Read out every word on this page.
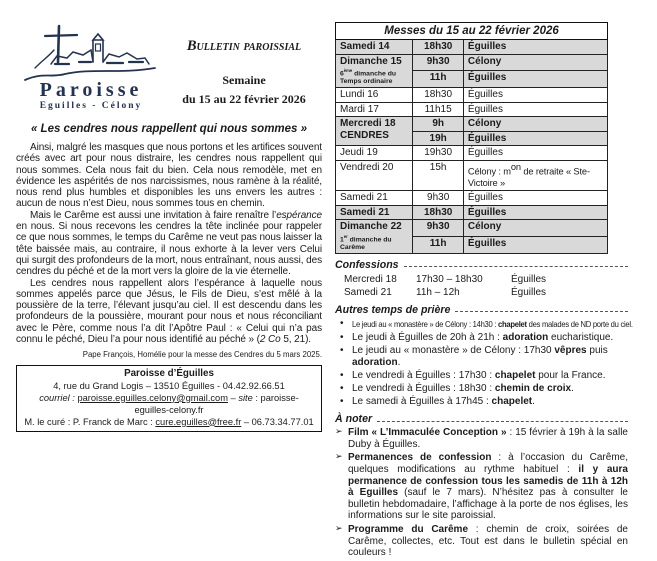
Paroisse
Eguilles - Célony
Bulletin paroissial
Semaine
du 15 au 22 février 2026
« Les cendres nous rappellent qui nous sommes »

Ainsi, malgré les masques que nous portons et les artifices souvent créés avec art pour nous distraire, les cendres nous rappellent qui nous sommes. Cela nous fait du bien. Cela nous remodèle, met en évidence les aspérités de nos narcissismes, nous ramène à la réalité, nous rend plus humbles et disponibles les uns envers les autres : aucun de nous n’est Dieu, nous sommes tous en chemin.

Mais le Carême est aussi une invitation à faire renaître l’espérance en nous. Si nous recevons les cendres la tête inclinée pour rappeler ce que nous sommes, le temps du Carême ne veut pas nous laisser la tête baissée mais, au contraire, il nous exhorte à la lever vers Celui qui surgit des profondeurs de la mort, nous entraînant, nous aussi, des cendres du péché et de la mort vers la gloire de la vie éternelle.

Les cendres nous rappellent alors l’espérance à laquelle nous sommes appelés parce que Jésus, le Fils de Dieu, s’est mêlé à la poussière de la terre, l’élevant jusqu’au ciel. Il est descendu dans les profondeurs de la poussière, mourant pour nous et nous réconciliant avec le Père, comme nous l’a dit l’Apôtre Paul : « Celui qui n’a pas connu le péché, Dieu l’a pour nous identifié au péché » (2 Co 5, 21).

Pape François, Homélie pour la messe des Cendres du 5 mars 2025.
Paroisse d’Éguilles
4, rue du Grand Logis – 13510 Éguilles - 04.42.92.66.51
courriel : paroisse.eguilles.celony@gmail.com – site : paroisse-eguilles-celony.fr
M. le curé : P. Franck de Marc : cure.eguilles@free.fr – 06.73.34.77.01
Messes du 15 au 22 février 2026		
Samedi 14	18h30	Éguilles
Dimanche 15
6ème dimanche du Temps ordinaire	9h30	Célony
	11h	Éguilles
Lundi 16	18h30	Éguilles
Mardi 17	11h15	Éguilles
Mercredi 18
CENDRES	9h	Célony
	19h	Éguilles
Jeudi 19	19h30	Éguilles
Vendredi 20	15h	Célony : $m^{on}$ de retraite « Ste-Victoire »
Samedi 21	9h30	Éguilles
Samedi 21	18h30	Éguilles
Dimanche 22
1er dimanche du Carême	9h30	Célony
	11h	Éguilles
Confessions
Mercredi 18	17h30 – 18h30	Éguilles
Samedi 21	11h – 12h	Éguilles
Autres temps de prière
• Le jeudi au « monastère » de Célony : 14h30 : chapelet des malades de ND porte du ciel.
• Le jeudi à Éguilles de 20h à 21h : adoration eucharistique.
• Le jeudi au « monastère » de Célony : 17h30 vêpres puis adoration.
• Le vendredi à Éguilles : 17h30 : chapelet pour la France.
• Le vendredi à Éguilles : 18h30 : chemin de croix.
• Le samedi à Éguilles à 17h45 : chapelet.
À noter
➢ Film « L’Immaculée Conception » : 15 février à 19h à la salle Duby à Éguilles.
➢ Permanences de confession : à l’occasion du Carême, quelques modifications au rythme habituel : il y aura permanence de confession tous les samedis de 11h à 12h à Eguilles (sauf le 7 mars). N’hésitez pas à consulter le bulletin hebdomadaire, l’affichage à la porte de nos églises, les informations sur le site paroissial.
➢ Programme du Carême : chemin de croix, soirées de Carême, collectes, etc. Tout est dans le bulletin spécial en couleurs !
